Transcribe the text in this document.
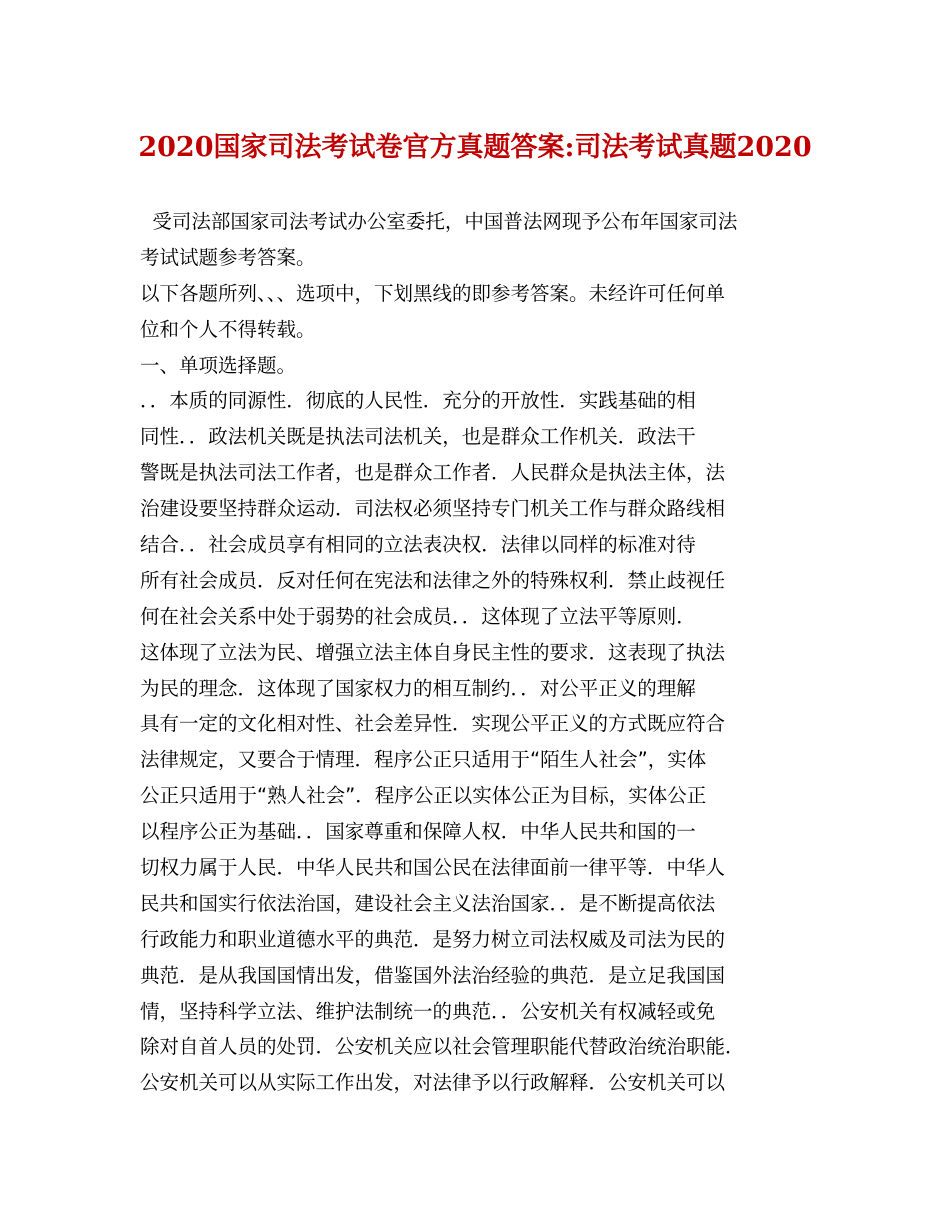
2020国家司法考试卷官方真题答案:司法考试真题2020
受司法部国家司法考试办公室委托，中国普法网现予公布年国家司法
考试试题参考答案。
以下各题所列、、、选项中，下划黑线的即参考答案。未经许可任何单
位和个人不得转载。
一、单项选择题。
．．本质的同源性．彻底的人民性．充分的开放性．实践基础的相
同性．．政法机关既是执法司法机关，也是群众工作机关．政法干
警既是执法司法工作者，也是群众工作者．人民群众是执法主体，法
治建设要坚持群众运动．司法权必须坚持专门机关工作与群众路线相
结合．．社会成员享有相同的立法表决权．法律以同样的标准对待
所有社会成员．反对任何在宪法和法律之外的特殊权利．禁止歧视任
何在社会关系中处于弱势的社会成员．．这体现了立法平等原则．
这体现了立法为民、增强立法主体自身民主性的要求．这表现了执法
为民的理念．这体现了国家权力的相互制约．．对公平正义的理解
具有一定的文化相对性、社会差异性．实现公平正义的方式既应符合
法律规定，又要合于情理．程序公正只适用于“陌生人社会”，实体
公正只适用于“熟人社会”．程序公正以实体公正为目标，实体公正
以程序公正为基础．．国家尊重和保障人权．中华人民共和国的一
切权力属于人民．中华人民共和国公民在法律面前一律平等．中华人
民共和国实行依法治国，建设社会主义法治国家．．是不断提高依法
行政能力和职业道德水平的典范．是努力树立司法权威及司法为民的
典范．是从我国国情出发，借鉴国外法治经验的典范．是立足我国国
情，坚持科学立法、维护法制统一的典范．．公安机关有权减轻或免
除对自首人员的处罚．公安机关应以社会管理职能代替政治统治职能．
公安机关可以从实际工作出发，对法律予以行政解释．公安机关可以
